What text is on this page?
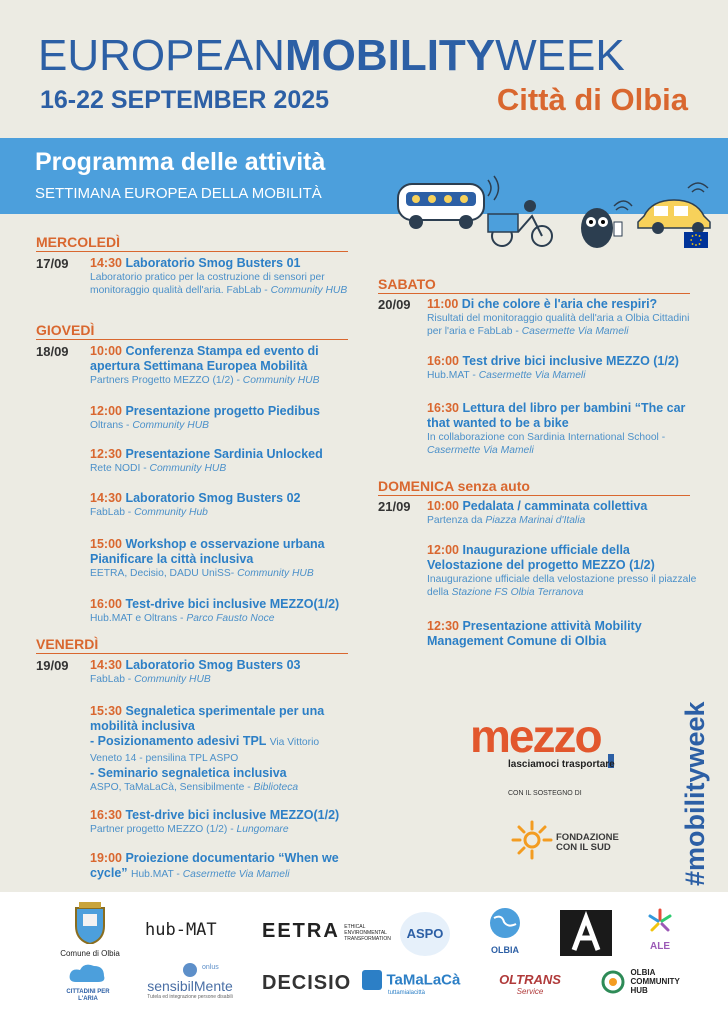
EUROPEANMOBILITYWEEK
16-22 SEPTEMBER 2025	Città di Olbia
Programma delle attività
SETTIMANA EUROPEA DELLA MOBILITÀ
MERCOLEDÌ
17/09 14:30 Laboratorio Smog Busters 01
Laboratorio pratico per la costruzione di sensori per monitoraggio qualità dell'aria. FabLab - Community HUB
GIOVEDÌ
18/09 10:00 Conferenza Stampa ed evento di apertura Settimana Europea Mobilità
Partners Progetto MEZZO (1/2) - Community HUB
12:00 Presentazione progetto Piedibus
Oltrans - Community HUB
12:30 Presentazione Sardinia Unlocked
Rete NODI - Community HUB
14:30 Laboratorio Smog Busters 02
FabLab - Community Hub
15:00 Workshop e osservazione urbana Pianificare la città inclusiva
EETRA, Decisio, DADU UniSS- Community HUB
16:00 Test-drive bici inclusive MEZZO(1/2)
Hub.MAT e Oltrans - Parco Fausto Noce
VENERDÌ
19/09 14:30 Laboratorio Smog Busters 03
FabLab - Community HUB
15:30 Segnaletica sperimentale per una mobilità inclusiva
- Posizionamento adesivi TPL Via Vittorio Veneto 14 - pensilina TPL ASPO
- Seminario segnaletica inclusiva
ASPO, TaMaLaCà, Sensibilmente - Biblioteca
16:30 Test-drive bici inclusive MEZZO(1/2)
Partner progetto MEZZO (1/2) - Lungomare
19:00 Proiezione documentario “When we cycle” Hub.MAT - Casermette Via Mameli
SABATO
20/09 11:00 Di che colore è l'aria che respiri?
Risultati del monitoraggio qualità dell'aria a Olbia Cittadini per l'aria e FabLab - Casermette Via Mameli
16:00 Test drive bici inclusive MEZZO (1/2)
Hub.MAT - Casermette Via Mameli
16:30 Lettura del libro per bambini “The car that wanted to be a bike
In collaborazione con Sardinia International School - Casermette Via Mameli
DOMENICA senza auto
21/09 10:00 Pedalata / camminata collettiva
Partenza da Piazza Marinai d'Italia
12:00 Inaugurazione ufficiale della Velostazione del progetto MEZZO (1/2)
Inaugurazione ufficiale della velostazione presso il piazzale della Stazione FS Olbia Terranova
12:30 Presentazione attività Mobility Management Comune di Olbia
mezzo
lasciamoci trasportare
CON IL SOSTEGNO DI
FONDAZIONE
CON IL SUD	#mobilityweek
Comune di Olbia
hub-MAT EETRA ETHICAL ENVIRONMENTAL TRANSFORMATION	ASPO
OLBIA	ALE
CITTADINI PER L'ARIA
onlus
sensibilMente
Tutela ed integrazione persone disabili
DECISIO	TaMaLaCà
tuttamialacittà
OLTRANS
Service
OLBIA COMMUNITY HUB
